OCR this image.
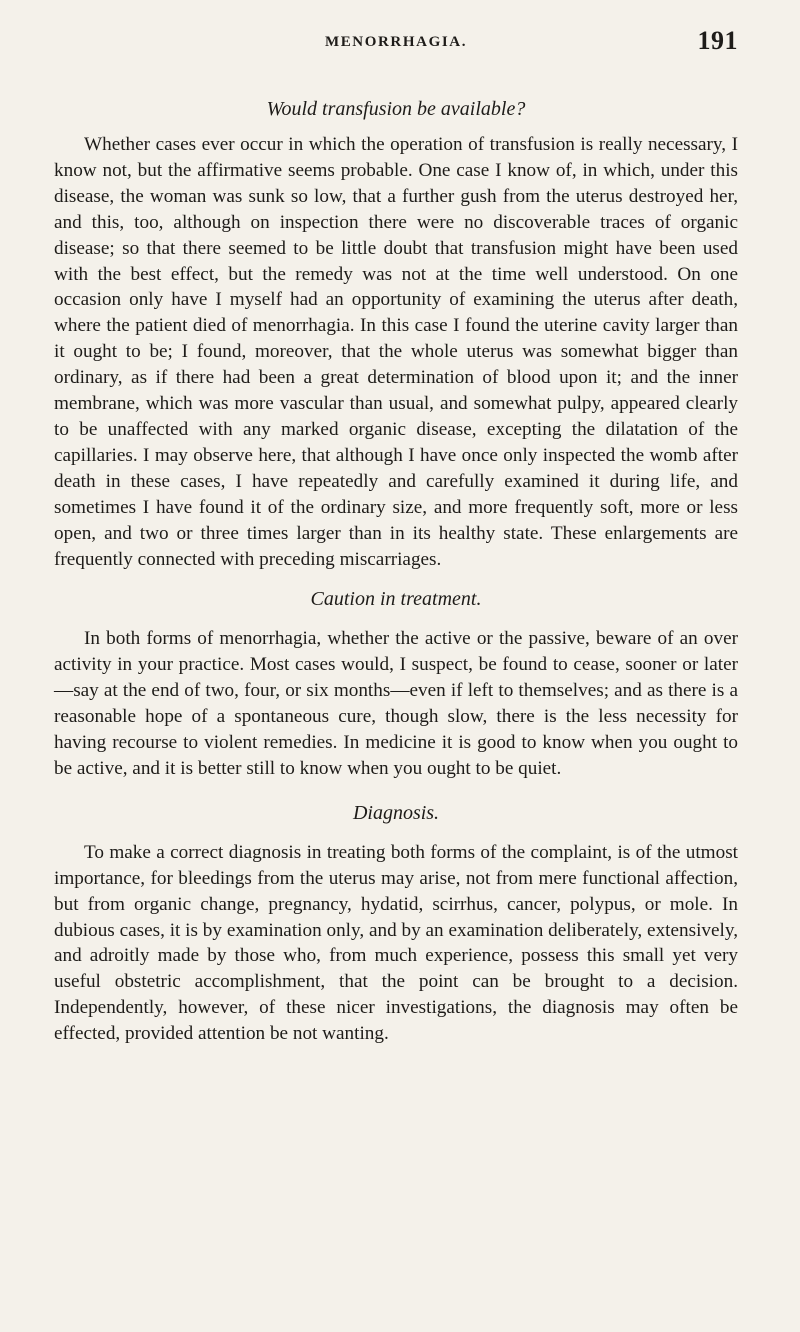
MENORRHAGIA.	191
Would transfusion be available?

Whether cases ever occur in which the operation of transfusion is really necessary, I know not, but the affirmative seems probable. One case I know of, in which, under this disease, the woman was sunk so low, that a further gush from the uterus destroyed her, and this, too, although on inspection there were no discoverable traces of organic disease; so that there seemed to be little doubt that transfusion might have been used with the best effect, but the remedy was not at the time well understood. On one occasion only have I myself had an opportunity of examining the uterus after death, where the patient died of menorrhagia. In this case I found the uterine cavity larger than it ought to be; I found, moreover, that the whole uterus was somewhat bigger than ordinary, as if there had been a great determination of blood upon it; and the inner membrane, which was more vascular than usual, and somewhat pulpy, appeared clearly to be unaffected with any marked organic disease, excepting the dilatation of the capillaries. I may observe here, that although I have once only inspected the womb after death in these cases, I have repeatedly and carefully examined it during life, and sometimes I have found it of the ordinary size, and more frequently soft, more or less open, and two or three times larger than in its healthy state. These enlargements are frequently connected with preceding miscarriages.

Caution in treatment.

In both forms of menorrhagia, whether the active or the passive, beware of an over activity in your practice. Most cases would, I suspect, be found to cease, sooner or later—say at the end of two, four, or six months—even if left to themselves; and as there is a reasonable hope of a spontaneous cure, though slow, there is the less necessity for having recourse to violent remedies. In medicine it is good to know when you ought to be active, and it is better still to know when you ought to be quiet.

Diagnosis.

To make a correct diagnosis in treating both forms of the complaint, is of the utmost importance, for bleedings from the uterus may arise, not from mere functional affection, but from organic change, pregnancy, hydatid, scirrhus, cancer, polypus, or mole. In dubious cases, it is by examination only, and by an examination deliberately, extensively, and adroitly made by those who, from much experience, possess this small yet very useful obstetric accomplishment, that the point can be brought to a decision. Independently, however, of these nicer investigations, the diagnosis may often be effected, provided attention be not wanting.
